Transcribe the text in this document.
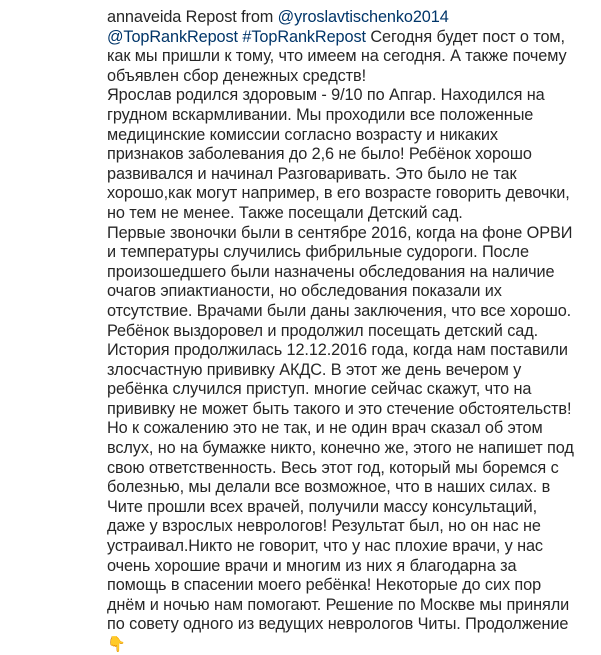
annaveida Repost from @yroslavtischenko2014 @TopRankRepost #TopRankRepost Сегодня будет пост о том, как мы пришли к тому, что имеем на сегодня. А также почему объявлен сбор денежных средств!

Ярослав родился здоровым - 9/10 по Апгар. Находился на грудном вскармливании. Мы проходили все положенные медицинские комиссии согласно возрасту и никаких признаков заболевания до 2,6 не было! Ребёнок хорошо развивался и начинал Разговаривать. Это было не так хорошо,как могут например, в его возрасте говорить девочки, но тем не менее. Также посещали Детский сад.

Первые звоночки были в сентябре 2016, когда на фоне ОРВИ и температуры случились фибрильные судороги. После произошедшего были назначены обследования на наличие очагов эпиактианости, но обследования показали их отсутствие. Врачами были даны заключения, что все хорошо. Ребёнок выздоровел и продолжил посещать детский сад. История продолжилась 12.12.2016 года, когда нам поставили злосчастную прививку АКДС. В этот же день вечером у ребёнка случился приступ. многие сейчас скажут, что на прививку не может быть такого и это стечение обстоятельств! Но к сожалению это не так, и не один врач сказал об этом вслух, но на бумажке никто, конечно же, этого не напишет под свою ответственность. Весь этот год, который мы боремся с болезнью, мы делали все возможное, что в наших силах. в Чите прошли всех врачей, получили массу консультаций, даже у взрослых неврологов! Результат был, но он нас не устраивал.Никто не говорит, что у нас плохие врачи, у нас очень хорошие врачи и многим из них я благодарна за помощь в спасении моего ребёнка! Некоторые до сих пор днём и ночью нам помогают. Решение по Москве мы приняли по совету одного из ведущих неврологов Читы. Продолжение 👇
